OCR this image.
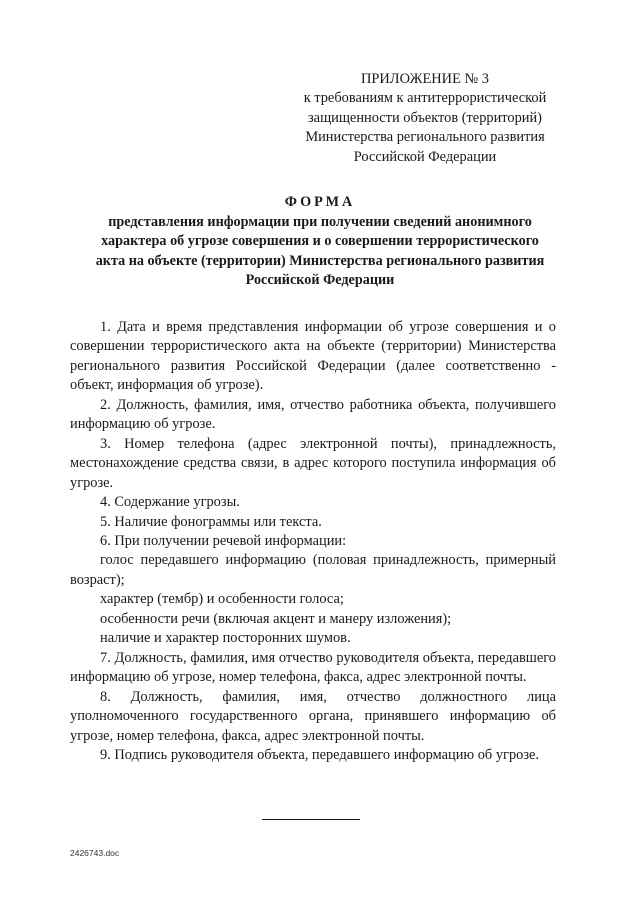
ПРИЛОЖЕНИЕ № 3
к требованиям к антитеррористической
защищенности объектов (территорий)
Министерства регионального развития
Российской Федерации
ФОРМА
представления информации при получении сведений анонимного
характера об угрозе совершения и о совершении террористического
акта на объекте (территории) Министерства регионального развития
Российской Федерации

1. Дата и время представления информации об угрозе совершения и о совершении террористического акта на объекте (территории) Министерства регионального развития Российской Федерации (далее соответственно - объект, информация об угрозе).

2. Должность, фамилия, имя, отчество работника объекта, получившего информацию об угрозе.

3. Номер телефона (адрес электронной почты), принадлежность, местонахождение средства связи, в адрес которого поступила информация об угрозе.

4. Содержание угрозы.

5. Наличие фонограммы или текста.

6. При получении речевой информации:

голос передавшего информацию (половая принадлежность, примерный возраст);

характер (тембр) и особенности голоса;

особенности речи (включая акцент и манеру изложения);

наличие и характер посторонних шумов.

7. Должность, фамилия, имя отчество руководителя объекта, передавшего информацию об угрозе, номер телефона, факса, адрес электронной почты.

8. Должность, фамилия, имя, отчество должностного лица уполномоченного государственного органа, принявшего информацию об угрозе, номер телефона, факса, адрес электронной почты.

9. Подпись руководителя объекта, передавшего информацию об угрозе.

2426743.doc
